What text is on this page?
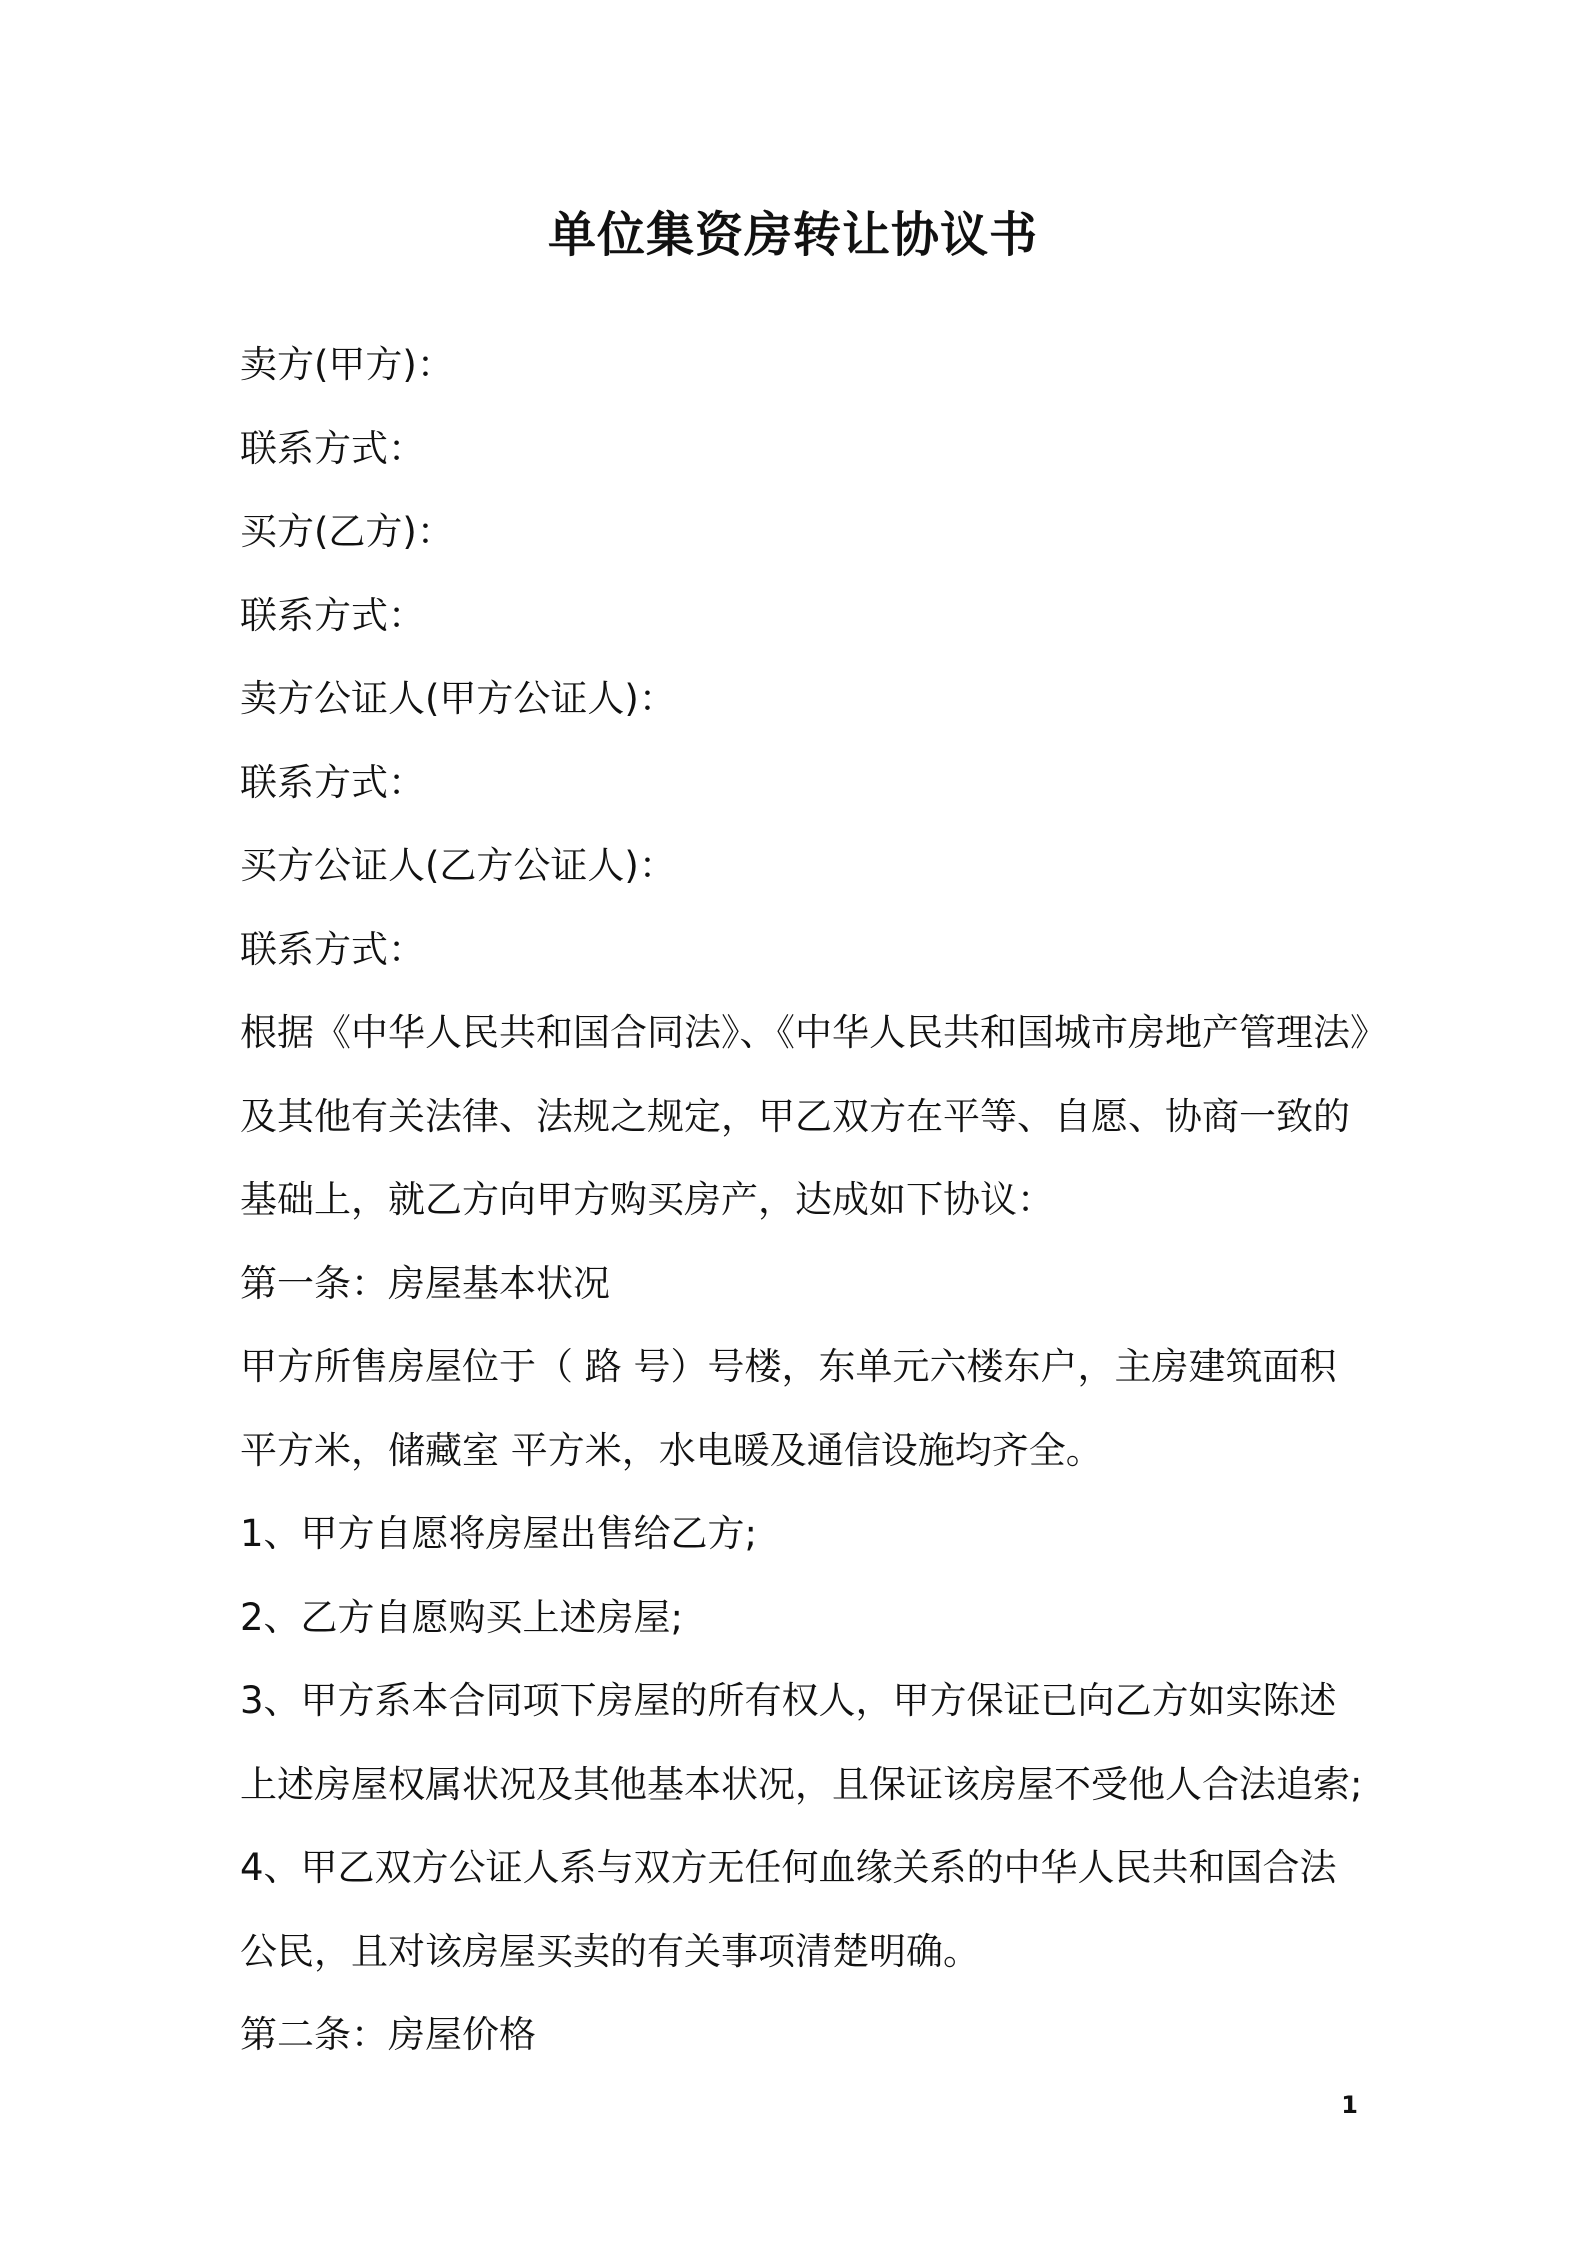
单位集资房转让协议书
卖方(甲方)：
联系方式：
买方(乙方)：
联系方式：
卖方公证人(甲方公证人)：
联系方式：
买方公证人(乙方公证人)：
联系方式：
根据《中华人民共和国合同法》、《中华人民共和国城市房地产管理法》
及其他有关法律、法规之规定，甲乙双方在平等、自愿、协商一致的
基础上，就乙方向甲方购买房产，达成如下协议：
第一条：房屋基本状况
甲方所售房屋位于（ 路 号）号楼，东单元六楼东户，主房建筑面积
平方米，储藏室 平方米，水电暖及通信设施均齐全。
1、甲方自愿将房屋出售给乙方;
2、乙方自愿购买上述房屋;
3、甲方系本合同项下房屋的所有权人，甲方保证已向乙方如实陈述
上述房屋权属状况及其他基本状况，且保证该房屋不受他人合法追索;
4、甲乙双方公证人系与双方无任何血缘关系的中华人民共和国合法
公民，且对该房屋买卖的有关事项清楚明确。
第二条：房屋价格
1
